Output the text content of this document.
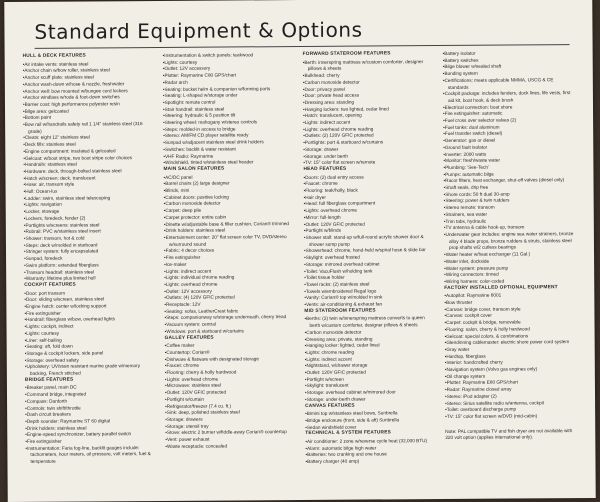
Standard Equipment & Options
HULL & DECK FEATURES
• Air intake vents: stainless steel
• Anchor chain w/bow roller, stainless steel
• Anchor scuff plate: stainless steel
• Anchor wash-down w/hose & nozzle, freshwater
• Anchor well: bow mounted w/bungee cord lockers
• Anchor windlass w/rode & foot-down switches
• Barrier coat: high performance polyester resin
• Bilge area: gelcoated
• Bottom paint
• Bow rail w/handrails safety rail 1 1/4" stainless steel (316 grade)
• Cleats: eight 12" stainless steel
• Deck fills: stainless steel
• Engine compartment: insulated & gelcoated
• Gelcoat: w/boot stripe, two boot stripe color choices
• Handrails: stainless steel
• Hardware: deck, through-bolted stainless steel
• Hatch w/screen: deck, translucent
• Hose: air, transom style
• Hull: Ocean-lux
• Ladder: swim, stainless steel telescoping
• Lights: navigation
• Locker, stowage
• Lockers, foredeck, fender (2)
• Portlights w/screens: stainless steel
• Rubrail: PVC w/stainless steel insert
• Shower: transom, hot & cold
• Steps: deck w/molded in starboard
• Stringer system: fully encapsulated
• Sunpad, foredeck
• Swim platform: extended fiberglass
• Transom headrail: stainless steel
• Warranty: lifetime plus limited hull
COCKPIT FEATURES
• Door: port transom
• Door: sliding w/screen, stainless steel
• Engine hatch: center w/locking support
• Fire extinguisher
• Handrail: fiberglass w/bow, overhead lights
• Lights: cockpit, indirect
• Lights: courtesy
• Liner: self-bailing
• Seating: aft, fold down
• Storage & cockpit lockers, side panel
• Storage: overhead safety
• Upholstery: UV/stain resistant marine grade w/memory backing, French stitched
BRIDGE FEATURES
• Breaker panel, main DC
• Command bridge, integrated
• Compass: Danforth
• Controls: twin shift/throttle
• Dash circuit breakers
• Depth sounder: Raymarine ST 60 digital
• Drink holders: stainless steel
• Engine-speed synchronizer, battery parallel switch
• Fire extinguisher
• Instrumentation: Faria fog-line, backlit gauges include: tachometers, hour meters, oil pressure, volt meters, fuel & temperature
• Instrumentation & switch panels: teakwood
• Lights: courtesy
• Outlet: 12V accessory
• Plotter: Raymarine C80 GPS/chart
• Radar arch
• Seating: bucket helm & companion w/forming ports
• Seating: L-shaped w/storage under
• Spotlight: remote control
• Stair handrail: stainless steel
• Steering: hydraulic & 5 position tilt
• Steering wheel: mahogany w/stereo controls
• Steps: molded-in access to bridge
• Stereo: AM/FM CD player satellite ready
• Sunpad w/adjacent stainless steel drink holders
• Switches: backlit & water resistant
• VHF Radio: Raymarine
• Windshield, tinted w/stainless steel header
MAIN SALON FEATURES
• AC/DC panel
• Barrel chairs (2) large designer
• Blinds, mini
• Cabinet doors: positive locking
• Carbon monoxide detector
• Carpet: deep pile
• Carpet protector: entire cabin
• Dinette w/adjustable base & filler cushion, Corian® trimmed
• Drink holders: stainless steel
• Entertainment center: 20" flat screen color TV, DVD/stereo w/surround sound
• Fabric: 4 decor choices
• Fire extinguisher
• Ice-maker
• Lights: indirect accent
• Lights: individual chrome reading
• Lights: overhead chrome
• Outlet: 12V accessory
• Outlets: (4) 120V GFIC protected
• Receptacle: 12V
• Seating: sofas, LeatherCrest fabric
• Steps: companionway w/storage underneath, cherry tread
• Vacuum system: central
• Windows: port & starboard w/curtains
GALLEY FEATURES
• Coffee maker
• Countertop: Corian®
• Dishware & flatware with designated storage
• Faucet: chrome
• Flooring: cherry & holly hardwood
• Lights: overhead chrome
• Microwave: stainless steel
• Outlet: 120V GFIC protected
• Portlight w/curtain
• Refrigerator/freezer (7.4 cu. ft.)
• Sink: deep, polished stainless steel
• Storage: drawers
• Storage: utensil tray
• Stove: electric 2 burner w/fiddle-away Corian® countertop
• Vent: power exhaust
• Waste receptacle: concealed
FORWARD STATEROOM FEATURES
• Berth: innerspring mattress w/custom comforter, designer pillows & sheets
• Bulkhead: cherry
• Carbon monoxide detector
• Door: privacy panel
• Door: private head access
• Dressing area: standing
• Hanging lockers: two lighted, cedar lined
• Hatch: translucent, opening
• Lights: indirect accent
• Lights: overhead chrome reading
• Outlets: (2) 120V GFIC protected
• Portlights: port & starboard w/curtains
• Storage: drawer
• Storage: under berth
• TV: 15" color flat screen w/remote
HEAD FEATURES
• Doors: (2) dual entry access
• Faucet: chrome
• Flooring: teak/holly, black
• Hair dryer
• Head: full fiberglass compartment
• Lights: overhead chrome
• Mirror: full-length
• Outlet: 120V GFIC protected
• Portlight w/blinds
• Shower stall: stand-up w/full-round acrylic shower door & shower sump pump
• Showerhead: chrome, hand-held w/spiral hose & slide bar
• Skylight: overhead frosted
• Storage: mirrored overhead cabinet
• Toilet: VacuFlush w/holding tank
• Toilet tissue holder
• Towel racks: (2) stainless steel
• Towels w/embroidered Regal logo
• Vanity: Corian® top w/molded in sink
• Vents: air-conditioning & exhaust fan
MID STATEROOM FEATURES
• Berths: (2) twin w/innerspring mattress converts to queen berth w/custom comforter, designer pillows & sheets
• Carbon monoxide detector
• Dressing area: private, standing
• Hanging locker: lighted, cedar lined
• Lights: chrome reading
• Lights: indirect accent
• Nightstand, w/drawer storage
• Outlet: 120V GFIC protected
• Portlight w/screen
• Skylight: translucent
• Storage: overhead cabinet w/mirrored door
• Storage: under-berth drawer
CANVAS FEATURES
• Bimini top w/stainless steel bows, Sunbrella
• Bridge enclosure (front, side & aft) Sunbrella
• Sedan windshield cover
TECHNICAL & SYSTEM FEATURES
• Air conditioner: 2 zone w/reverse cycle heat (32,000 BTU)
• Alarm: automatic bilge high water
• Batteries: two cranking and one house
• Battery charger (40 amp)
• Battery isolator
• Battery switches
• Bilge blower w/sealed shaft
• Bonding system
• Certifications: meets applicable NMMA, USCG & CE standards
• Cockpit package: includes fenders, dock lines, life vests, first aid kit, boat hook, & deck brush
• Electrical connection: boat shore
• Fire extinguisher: automatic
• Fuel cross over selector valves (2)
• Fuel tanks: dual aluminum
• Fuel transfer switch (diesel)
• Generator: gas or diesel
• Ground fault isolator
• Inverter: 2000 watts
• Monitor: fresh/waste water
• Plumbing: 'See-Tech'
• Pumps: automatic bilge
• Racor filters, heat exchanger, shut-off valves (diesel only)
• Shaft seals, drip free
• Shore cords: 50 ft dual 30-amp
• Steering: power & twin rudders
• Stereo remote: transom
• Strainers, sea water
• Trim tabs, hydraulic
• TV antenna & cable hook-up, transom
• Underwater gear includes: engine sea water strainers, bronze alloy 4 blade props, bronze rudders & struts, stainless steel prop shafts w/2 cutless bearings
• Water heater w/heat exchanger (11 Gal.)
• Water inlet, dockside
• Water system: pressure pump
• Wiring connectors: tinned
• Wiring harness: color-coded
FACTORY INSTALLED OPTIONAL EQUIPMENT
• Autopilot: Raymarine 6001
• Bow thruster
• Canvas: bridge cover, transom style
• Canvas: cockpit cover
• Carpet: cockpit & bridge, removable
• Flooring: salon, cherry & holly hardwood
• Gelcoat: special colors, & combinations
• Glendinning cablemaster: electric shore power cord system
• Gray water
• Hardtop, fiberglass
• Interior: handcrafted cherry
• Navigation system (Volvo gas engines only)
• Oil change system
• Plotter: Raymarine E80 GPS/chart
• Radar: Raymarine closed array
• Stereo: iPod adapter (2)
• Stereo: Sirius satellite radio w/antenna, cockpit
• Toilet: overboard discharge pump
• TV: 15" color flat screen w/DVD (mid-cabin)
Note: PAL compatible TV and fish dryer are not available with 220 volt option (applies international only).
